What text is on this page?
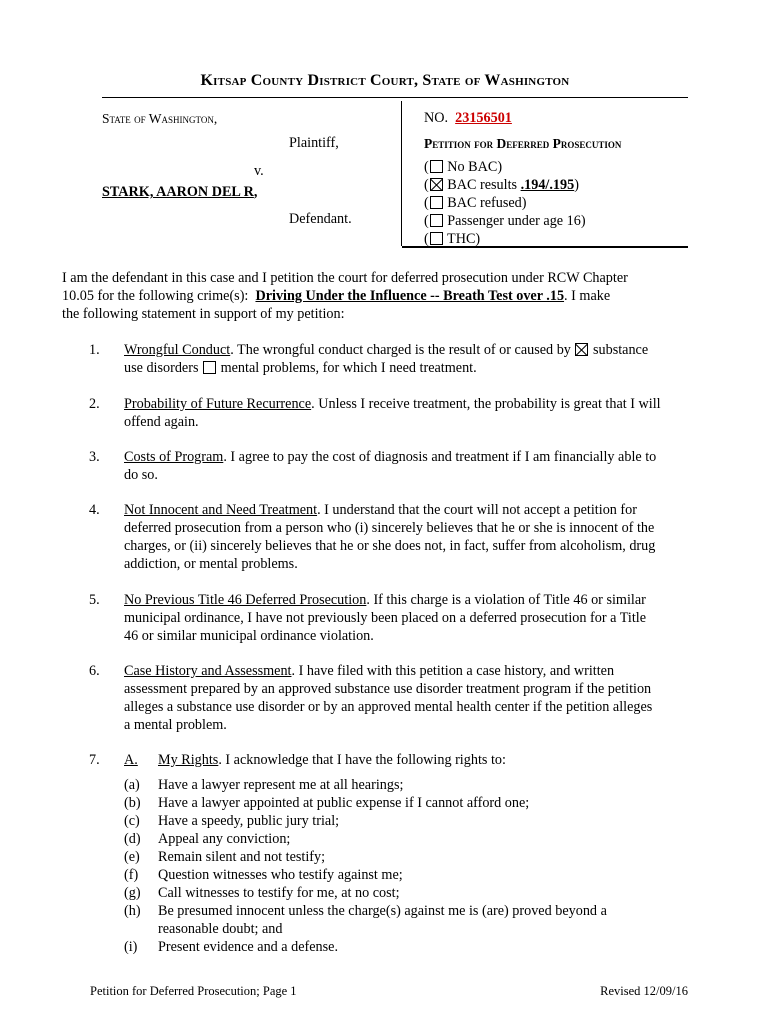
Kitsap County District Court, State of Washington
State of Washington,
Plaintiff,
v.
STARK, AARON DEL R,
Defendant.
NO. 23156501
Petition for Deferred Prosecution
( No BAC)
( BAC results .194/.195)
( BAC refused)
( Passenger under age 16)
( THC)
I am the defendant in this case and I petition the court for deferred prosecution under RCW Chapter
10.05 for the following crime(s):  Driving Under the Influence -- Breath Test over .15. I make
the following statement in support of my petition:
1. Wrongful Conduct. The wrongful conduct charged is the result of or caused by  substance
use disorders  mental problems, for which I need treatment.
2. Probability of Future Recurrence. Unless I receive treatment, the probability is great that I will
offend again.
3. Costs of Program. I agree to pay the cost of diagnosis and treatment if I am financially able to
do so.
4. Not Innocent and Need Treatment. I understand that the court will not accept a petition for
deferred prosecution from a person who (i) sincerely believes that he or she is innocent of the
charges, or (ii) sincerely believes that he or she does not, in fact, suffer from alcoholism, drug
addiction, or mental problems.
5. No Previous Title 46 Deferred Prosecution. If this charge is a violation of Title 46 or similar
municipal ordinance, I have not previously been placed on a deferred prosecution for a Title
46 or similar municipal ordinance violation.
6. Case History and Assessment. I have filed with this petition a case history, and written
assessment prepared by an approved substance use disorder treatment program if the petition
alleges a substance use disorder or by an approved mental health center if the petition alleges
a mental problem.
7. A. My Rights. I acknowledge that I have the following rights to:
(a) Have a lawyer represent me at all hearings;
(b) Have a lawyer appointed at public expense if I cannot afford one;
(c) Have a speedy, public jury trial;
(d) Appeal any conviction;
(e) Remain silent and not testify;
(f) Question witnesses who testify against me;
(g) Call witnesses to testify for me, at no cost;
(h) Be presumed innocent unless the charge(s) against me is (are) proved beyond a
reasonable doubt; and
(i) Present evidence and a defense.
Petition for Deferred Prosecution; Page 1	Revised 12/09/16
